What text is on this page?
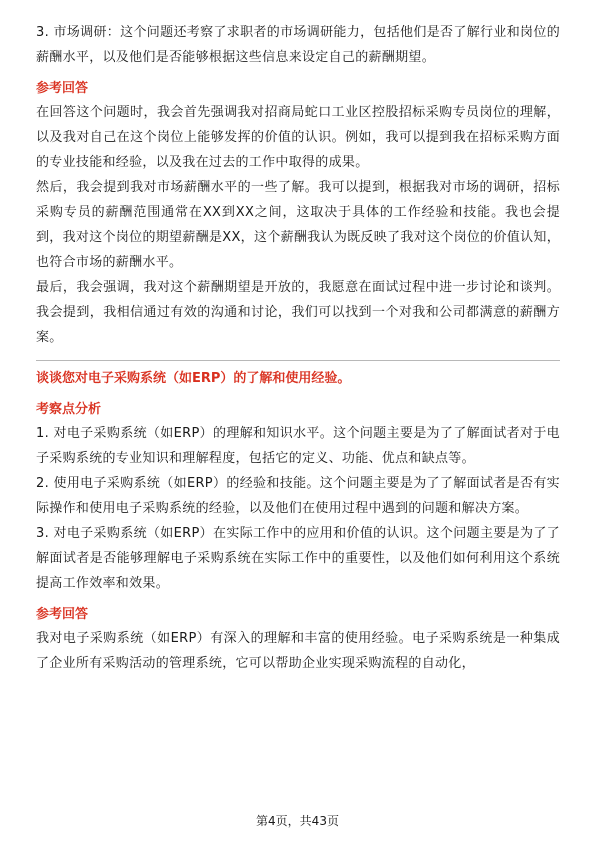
3. 市场调研：这个问题还考察了求职者的市场调研能力，包括他们是否了解行业和岗位的薪酬水平，以及他们是否能够根据这些信息来设定自己的薪酬期望。

参考回答

在回答这个问题时，我会首先强调我对招商局蛇口工业区控股招标采购专员岗位的理解，以及我对自己在这个岗位上能够发挥的价值的认识。例如，我可以提到我在招标采购方面的专业技能和经验，以及我在过去的工作中取得的成果。

然后，我会提到我对市场薪酬水平的一些了解。我可以提到，根据我对市场的调研，招标采购专员的薪酬范围通常在XX到XX之间，这取决于具体的工作经验和技能。我也会提到，我对这个岗位的期望薪酬是XX，这个薪酬我认为既反映了我对这个岗位的价值认知，也符合市场的薪酬水平。

最后，我会强调，我对这个薪酬期望是开放的，我愿意在面试过程中进一步讨论和谈判。我会提到，我相信通过有效的沟通和讨论，我们可以找到一个对我和公司都满意的薪酬方案。

谈谈您对电子采购系统（如ERP）的了解和使用经验。
考察点分析

1. 对电子采购系统（如ERP）的理解和知识水平。这个问题主要是为了了解面试者对于电子采购系统的专业知识和理解程度，包括它的定义、功能、优点和缺点等。

2. 使用电子采购系统（如ERP）的经验和技能。这个问题主要是为了了解面试者是否有实际操作和使用电子采购系统的经验，以及他们在使用过程中遇到的问题和解决方案。

3. 对电子采购系统（如ERP）在实际工作中的应用和价值的认识。这个问题主要是为了了解面试者是否能够理解电子采购系统在实际工作中的重要性，以及他们如何利用这个系统提高工作效率和效果。

参考回答

我对电子采购系统（如ERP）有深入的理解和丰富的使用经验。电子采购系统是一种集成了企业所有采购活动的管理系统，它可以帮助企业实现采购流程的自动化，

第4页，共43页
